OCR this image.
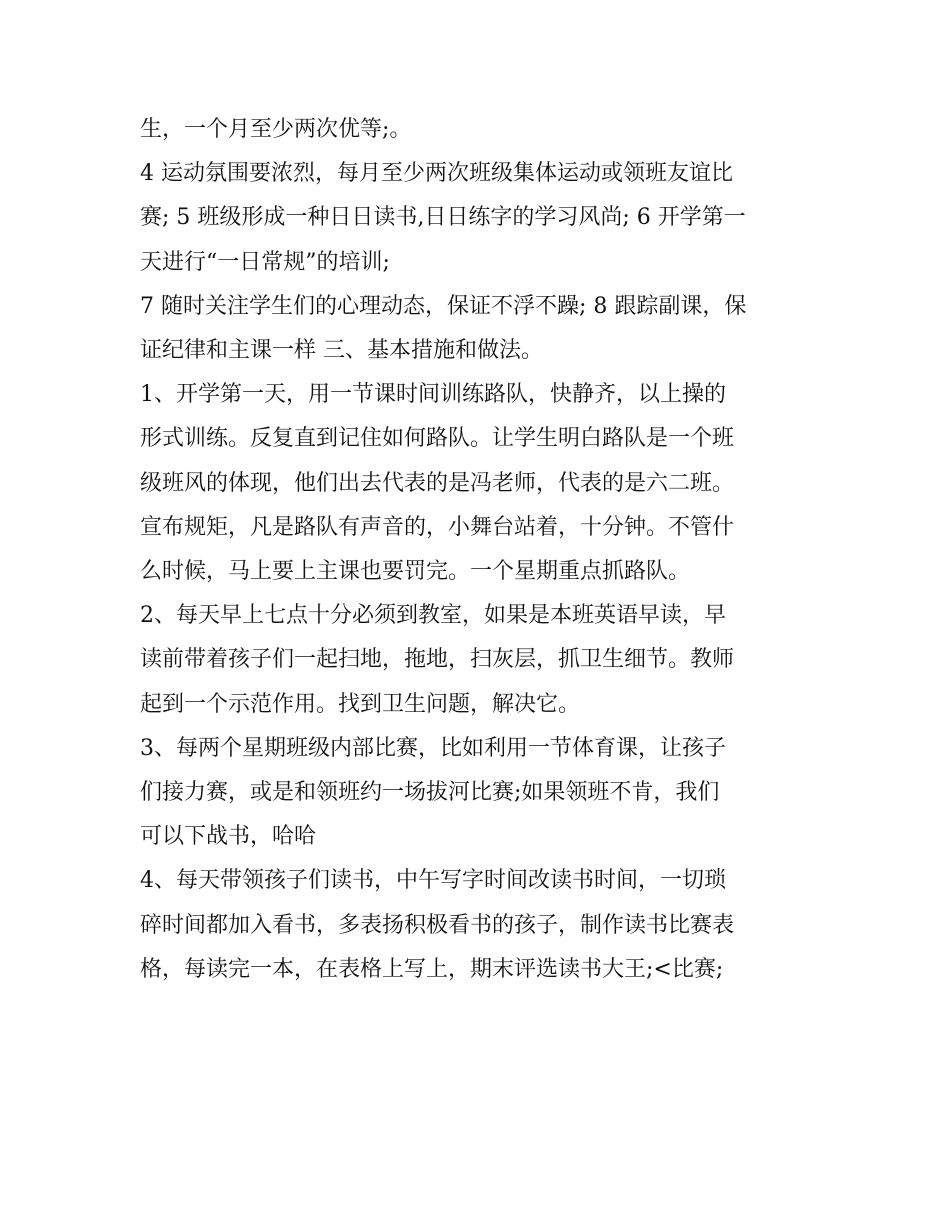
生，一个月至少两次优等;。

4 运动氛围要浓烈，每月至少两次班级集体运动或领班友谊比
赛; 5 班级形成一种日日读书,日日练字的学习风尚; 6 开学第一
天进行“一日常规”的培训;

7 随时关注学生们的心理动态，保证不浮不躁; 8 跟踪副课，保
证纪律和主课一样 三、基本措施和做法。

1、开学第一天，用一节课时间训练路队，快静齐，以上操的
形式训练。反复直到记住如何路队。让学生明白路队是一个班
级班风的体现，他们出去代表的是冯老师，代表的是六二班。
宣布规矩，凡是路队有声音的，小舞台站着，十分钟。不管什
么时候，马上要上主课也要罚完。一个星期重点抓路队。

2、每天早上七点十分必须到教室，如果是本班英语早读，早
读前带着孩子们一起扫地，拖地，扫灰层，抓卫生细节。教师
起到一个示范作用。找到卫生问题，解决它。

3、每两个星期班级内部比赛，比如利用一节体育课，让孩子
们接力赛，或是和领班约一场拔河比赛;如果领班不肯，我们
可以下战书，哈哈

4、每天带领孩子们读书，中午写字时间改读书时间，一切琐
碎时间都加入看书，多表扬积极看书的孩子，制作读书比赛表
格，每读完一本，在表格上写上，期末评选读书大王;<比赛;
